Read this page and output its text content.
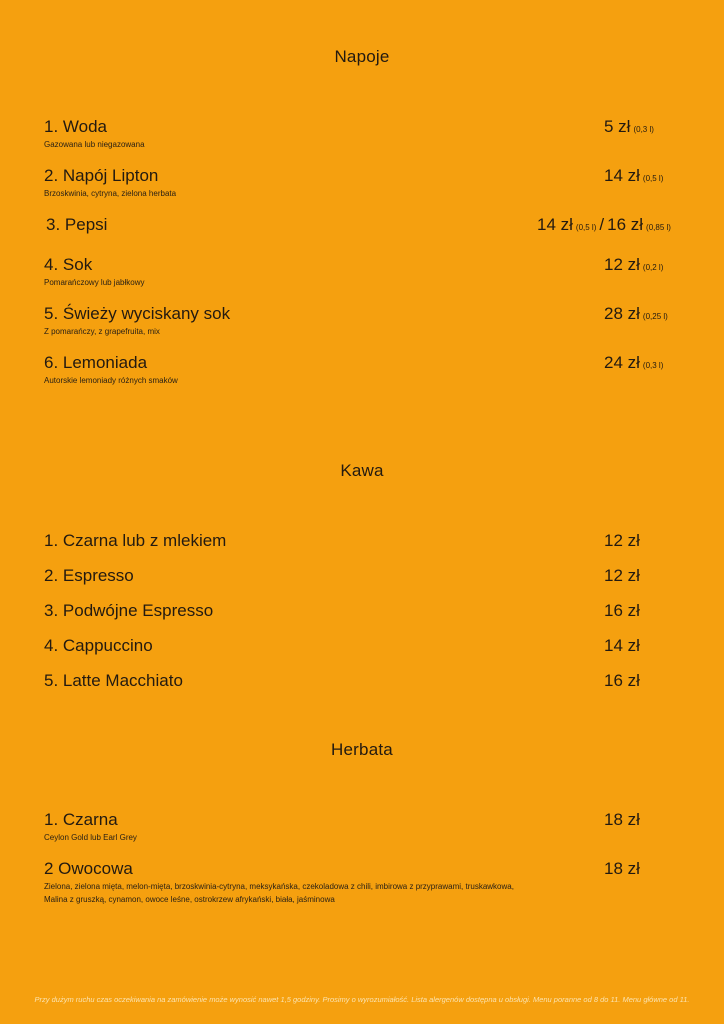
Napoje
1. Woda
Gazowana lub niegazowana
5 zł (0,3 l)
2. Napój Lipton
Brzoskwinia, cytryna, zielona herbata
14 zł (0,5 l)
3. Pepsi	14 zł (0,5 l) / 16 zł (0,85 l)
4. Sok
Pomarańczowy lub jabłkowy
12 zł (0,2 l)
5. Świeży wyciskany sok
Z pomarańczy, z grapefruita, mix
28 zł (0,25 l)
6. Lemoniada
Autorskie lemoniady różnych smaków
24 zł (0,3 l)
Kawa
1. Czarna lub z mlekiem	12 zł
2. Espresso	12 zł
3. Podwójne Espresso	16 zł
4. Cappuccino	14 zł
5. Latte Macchiato	16 zł
Herbata
1. Czarna
Ceylon Gold lub Earl Grey
18 zł
2 Owocowa
Zielona, zielona mięta, melon-mięta, brzoskwinia-cytryna, meksykańska, czekoladowa z chili, imbirowa z przyprawami, truskawkowa,
Malina z gruszką, cynamon, owoce leśne, ostrokrzew afrykański, biała, jaśminowa
18 zł
Przy dużym ruchu czas oczekiwania na zamówienie może wynosić nawet 1,5 godziny. Prosimy o wyrozumiałość. Lista alergenów dostępna u obsługi. Menu poranne od 8 do 11. Menu główne od 11.
